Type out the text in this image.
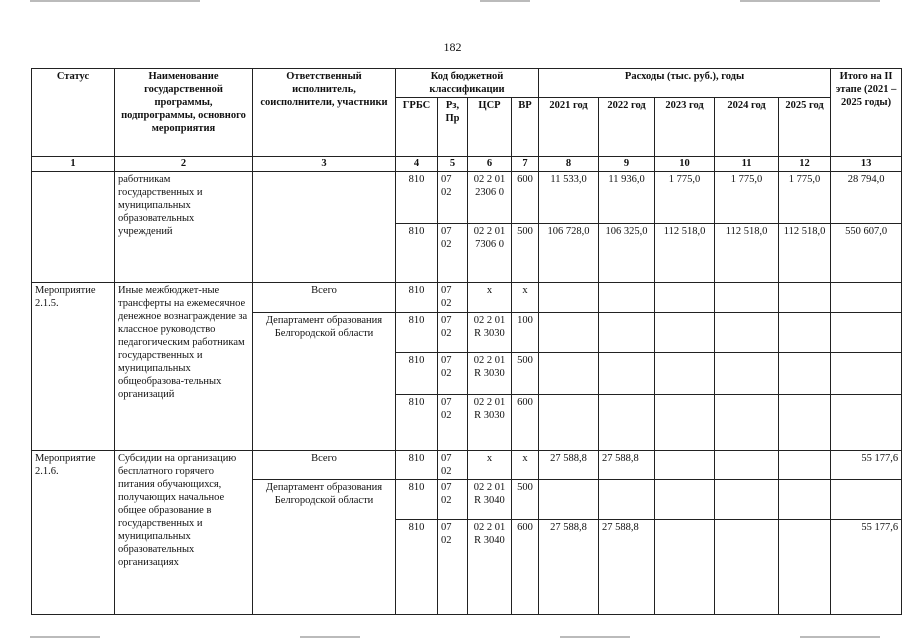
182
Статус	Наименование государственной программы, подпрограммы, основного мероприятия	Ответственный исполнитель, соисполнители, участники	Код бюджетной классификации				Расходы (тыс. руб.), годы					Итого на II этапе (2021 – 2025 годы)
			ГРБС	Рз, Пр	ЦСР	ВР	2021 год	2022 год	2023 год	2024 год	2025 год	
1	2	3	4	5	6	7	8	9	10	11	12	13
	работникам государственных и муниципальных образовательных учреждений		810	07 02	02 2 01 2306 0	600	11 533,0	11 936,0	1 775,0	1 775,0	1 775,0	28 794,0
			810	07 02	02 2 01 7306 0	500	106 728,0	106 325,0	112 518,0	112 518,0	112 518,0	550 607,0
Мероприятие 2.1.5.	Иные межбюджет-ные трансферты на ежемесячное денежное вознаграждение за классное руководство педагогическим работникам государственных и муниципальных общеобразова-тельных организаций	Всего	810	07 02	х	х						
		Департамент образования Белгородской области	810	07 02	02 2 01 R 3030	100						
			810	07 02	02 2 01 R 3030	500						
			810	07 02	02 2 01 R 3030	600						
Мероприятие 2.1.6.	Субсидии на организацию бесплатного горячего питания обучающихся, получающих начальное общее образование в государственных и муниципальных образовательных организациях	Всего	810	07 02	х	х	27 588,8	27 588,8				55 177,6
		Департамент образования Белгородской области	810	07 02	02 2 01 R 3040	500						
			810	07 02	02 2 01 R 3040	600	27 588,8	27 588,8				55 177,6
